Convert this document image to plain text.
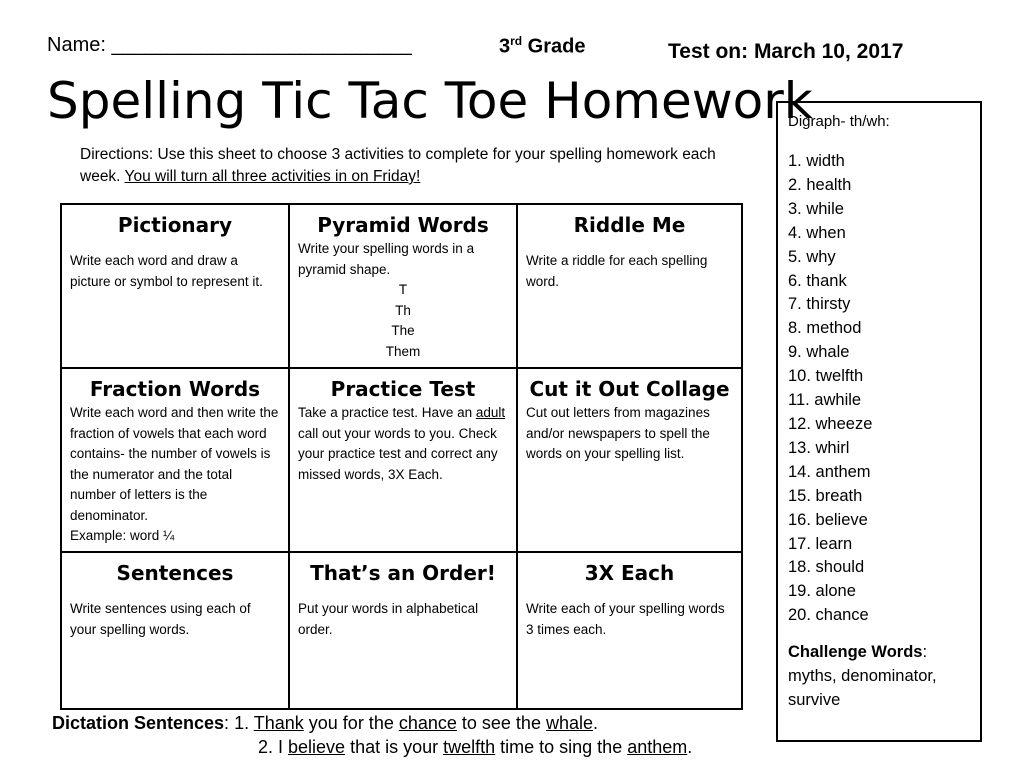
Name: ___________________________	3rd Grade	Test on: March 10, 2017
Spelling Tic Tac Toe Homework
Directions: Use this sheet to choose 3 activities to complete for your spelling homework each week. You will turn all three activities in on Friday!
Pictionary

Write each word and draw a picture or symbol to represent it.

Pyramid Words

Write your spelling words in a pyramid shape.

T

Th

The

Them

Riddle Me

Write a riddle for each spelling word.

Fraction Words

Write each word and then write the fraction of vowels that each word contains- the number of vowels is the numerator and the total number of letters is the denominator.

Example: word ¼

Practice Test

Take a practice test. Have an adult call out your words to you. Check your practice test and correct any missed words, 3X Each.

Cut it Out Collage

Cut out letters from magazines and/or newspapers to spell the words on your spelling list.

Sentences

Write sentences using each of your spelling words.

That’s an Order!

Put your words in alphabetical order.

3X Each

Write each of your spelling words 3 times each.

Digraph- th/wh:
1. width
2. health
3. while
4. when
5. why
6. thank
7. thirsty
8. method
9. whale
10. twelfth
11. awhile
12. wheeze
13. whirl
14. anthem
15. breath
16. believe
17. learn
18. should
19. alone
20. chance
Challenge Words:
myths, denominator, survive
Dictation Sentences: 1. Thank you for the chance to see the whale.
2. I believe that is your twelfth time to sing the anthem.
